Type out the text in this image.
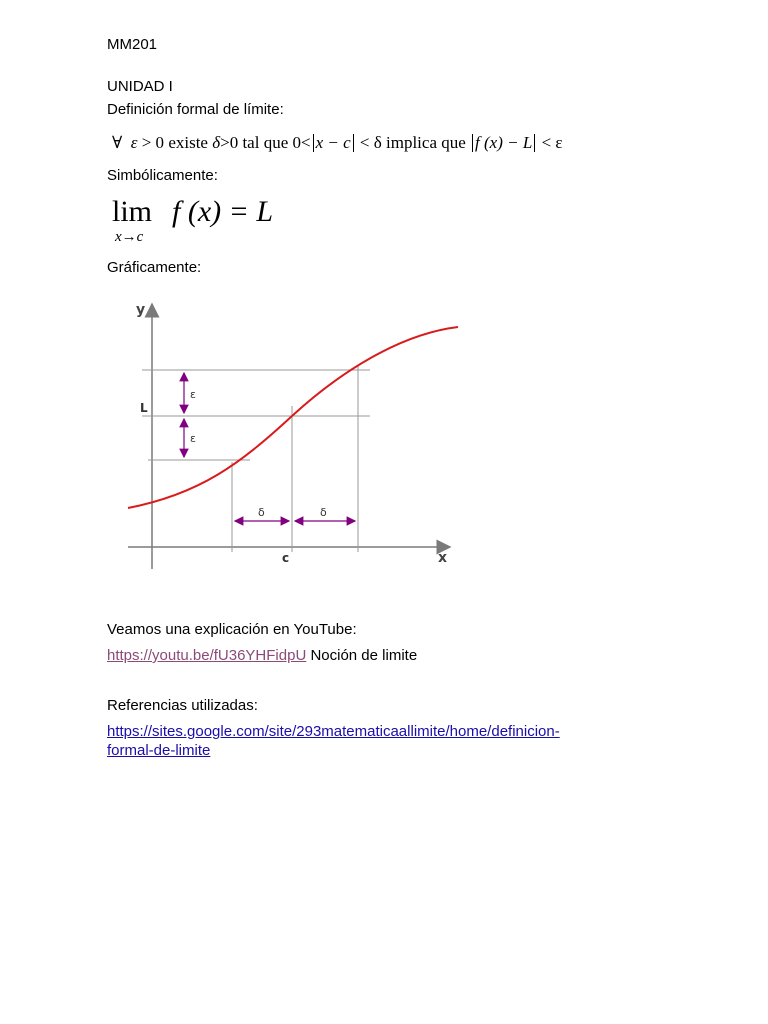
MM201
UNIDAD I
Definición formal de límite:
∀ ε > 0 existe δ>0 tal que 0< x − c < δ implica que f (x) − L < ε
Simbólicamente:
lim
x→c
f (x) = L
Gráficamente:
y
x
L
c
ε
ε
δ	δ
Veamos una explicación en YouTube:
https://youtu.be/fU36YHFidpU Noción de limite
Referencias utilizadas:
https://sites.google.com/site/293matematicaallimite/home/definicion-
formal-de-limite
